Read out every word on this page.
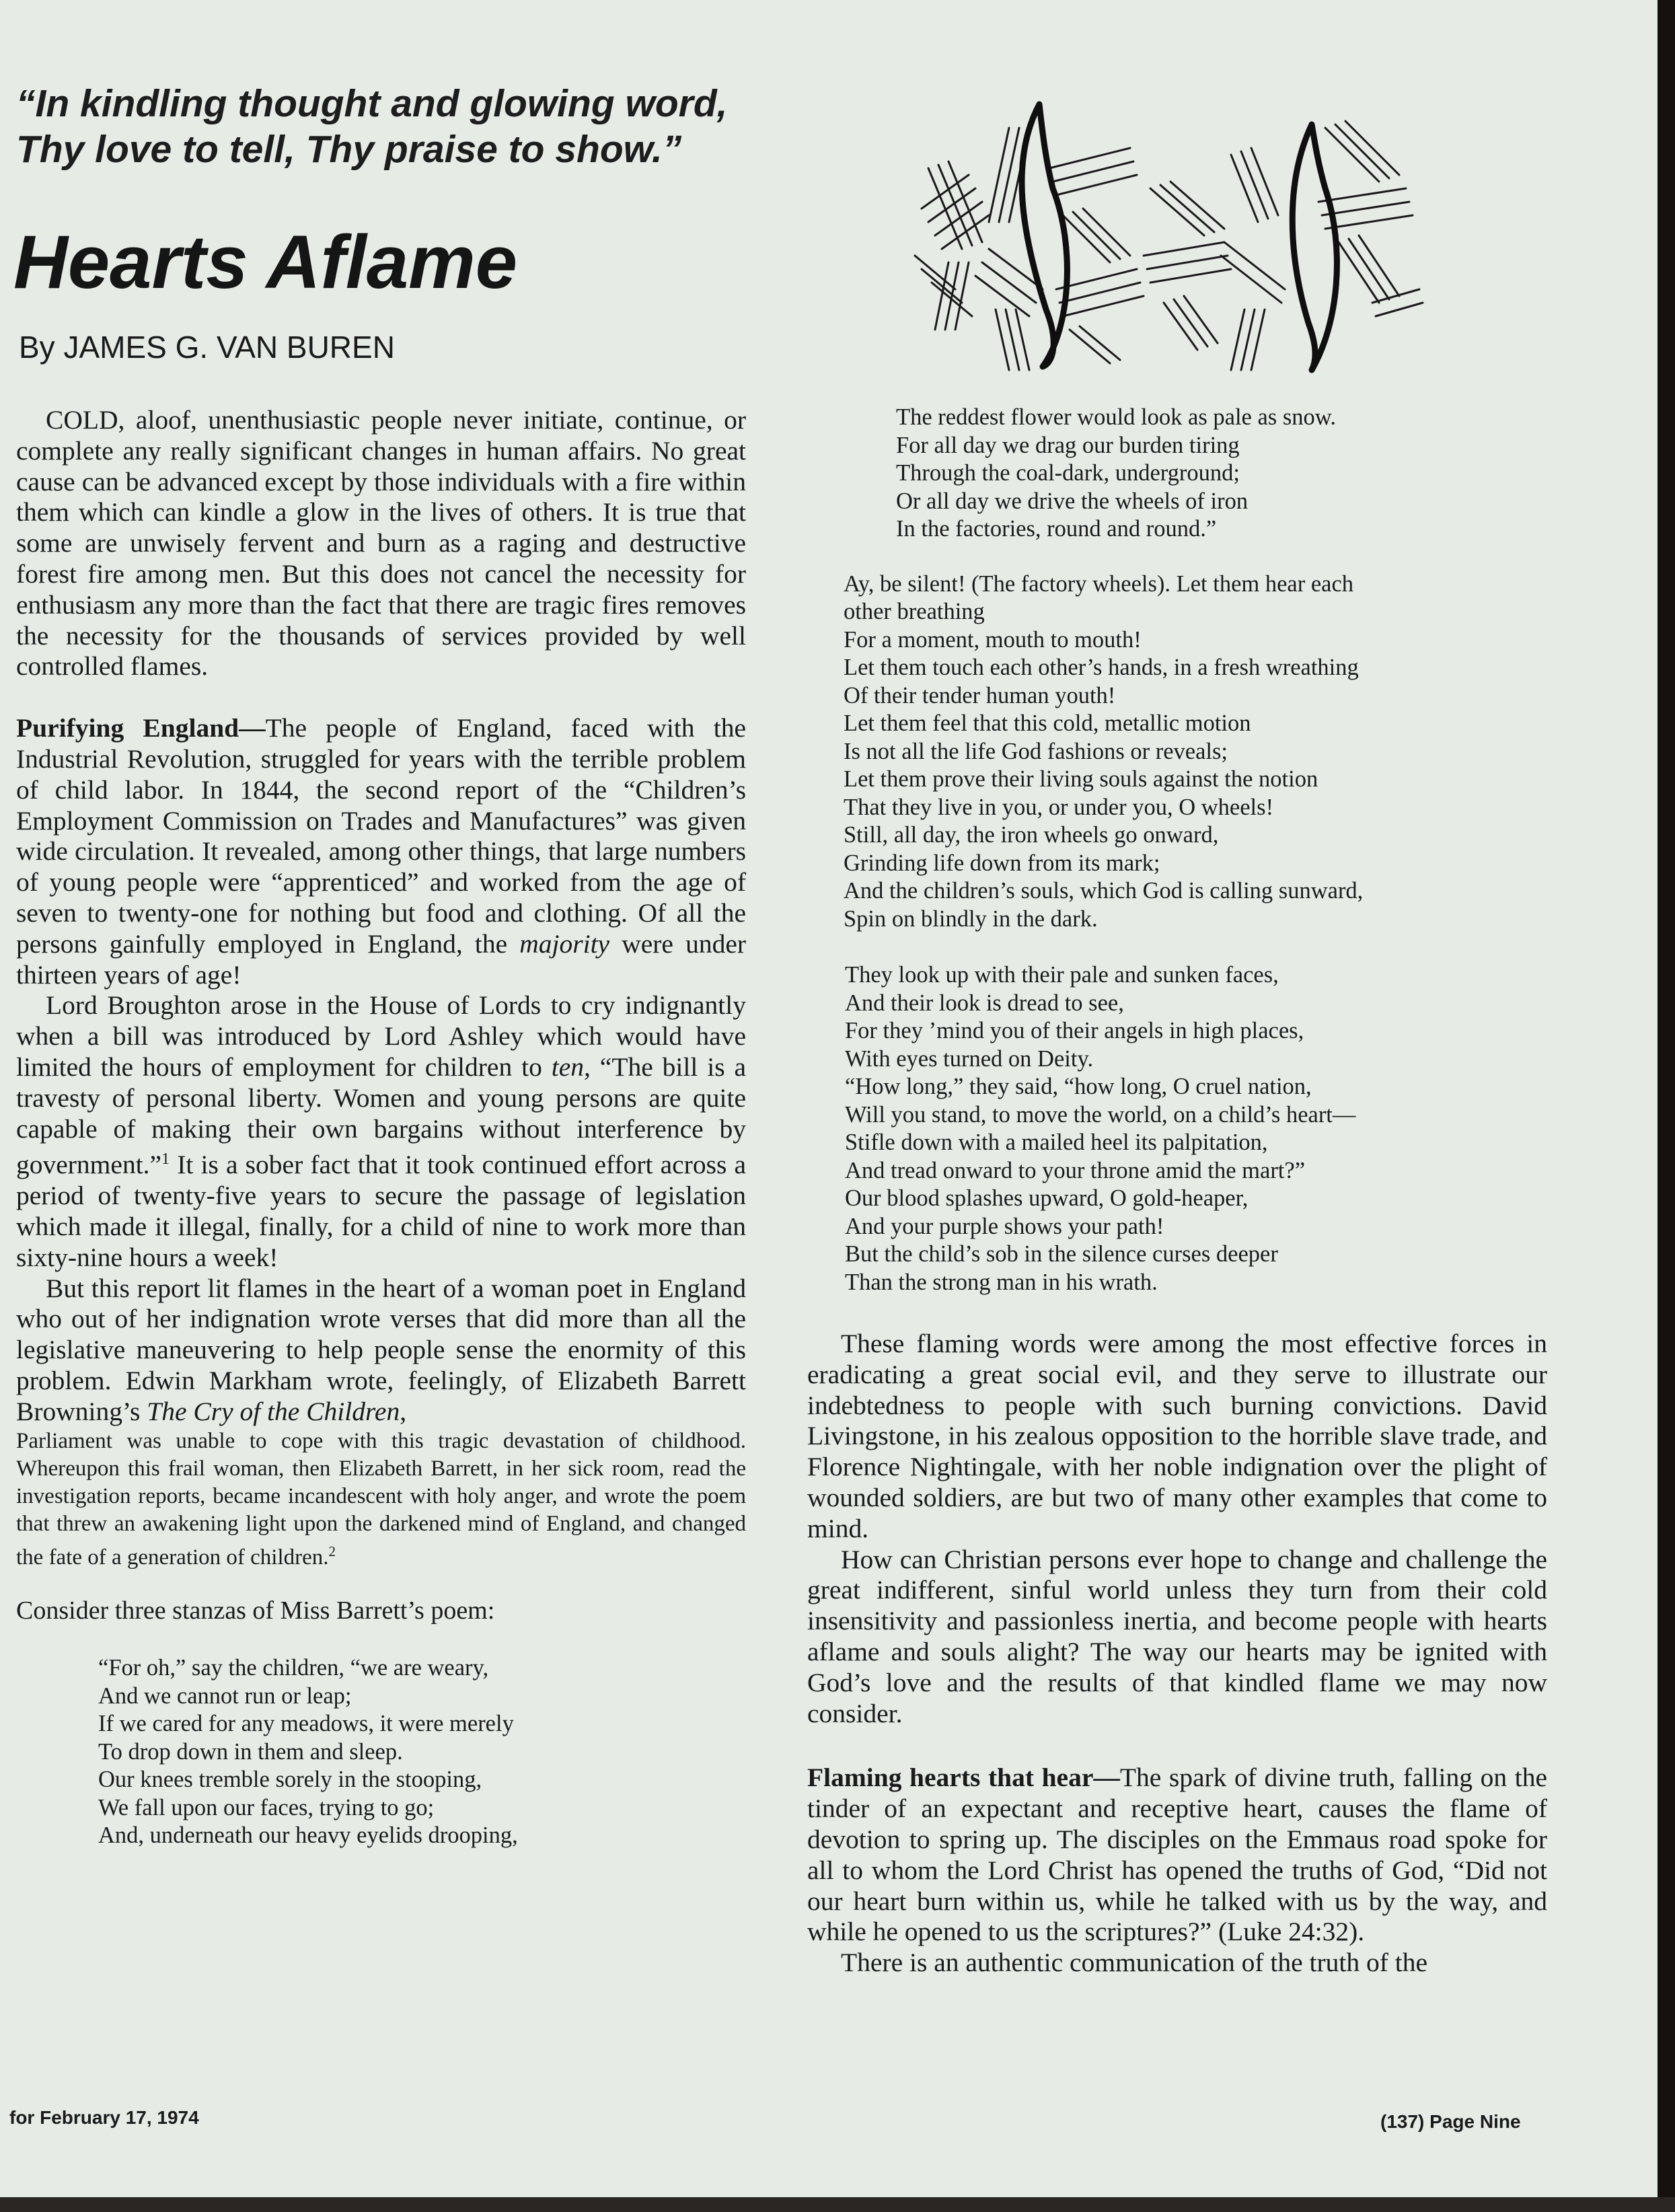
“In kindling thought and glowing word,
Thy love to tell, Thy praise to show.”
Hearts Aflame
By JAMES G. VAN BUREN

COLD, aloof, unenthusiastic people never initiate, continue, or complete any really significant changes in human affairs. No great cause can be advanced except by those individuals with a fire within them which can kindle a glow in the lives of others. It is true that some are unwisely fervent and burn as a raging and destructive forest fire among men. But this does not cancel the necessity for enthusiasm any more than the fact that there are tragic fires removes the necessity for the thousands of services provided by well controlled flames.

Purifying England—The people of England, faced with the Industrial Revolution, struggled for years with the terrible problem of child labor. In 1844, the second report of the “Children’s Employment Commission on Trades and Manufactures” was given wide circulation. It revealed, among other things, that large numbers of young people were “apprenticed” and worked from the age of seven to twenty-one for nothing but food and clothing. Of all the persons gainfully employed in England, the majority were under thirteen years of age!

Lord Broughton arose in the House of Lords to cry indignantly when a bill was introduced by Lord Ashley which would have limited the hours of employment for children to ten, “The bill is a travesty of personal liberty. Women and young persons are quite capable of making their own bargains without interference by government.”$^1$ It is a sober fact that it took continued effort across a period of twenty-five years to secure the passage of legislation which made it illegal, finally, for a child of nine to work more than sixty-nine hours a week!

But this report lit flames in the heart of a woman poet in England who out of her indignation wrote verses that did more than all the legislative maneuvering to help people sense the enormity of this problem. Edwin Markham wrote, feelingly, of Elizabeth Barrett Browning’s The Cry of the Children,

Parliament was unable to cope with this tragic devastation of childhood. Whereupon this frail woman, then Elizabeth Barrett, in her sick room, read the investigation reports, became incandescent with holy anger, and wrote the poem that threw an awakening light upon the darkened mind of England, and changed the fate of a generation of children.$^2$

Consider three stanzas of Miss Barrett’s poem:

“For oh,” say the children, “we are weary,
And we cannot run or leap;
If we cared for any meadows, it were merely
To drop down in them and sleep.
Our knees tremble sorely in the stooping,
We fall upon our faces, trying to go;
And, underneath our heavy eyelids drooping,
The reddest flower would look as pale as snow.
For all day we drag our burden tiring
Through the coal-dark, underground;
Or all day we drive the wheels of iron
In the factories, round and round.”
Ay, be silent! (The factory wheels). Let them hear each
other breathing
For a moment, mouth to mouth!
Let them touch each other’s hands, in a fresh wreathing
Of their tender human youth!
Let them feel that this cold, metallic motion
Is not all the life God fashions or reveals;
Let them prove their living souls against the notion
That they live in you, or under you, O wheels!
Still, all day, the iron wheels go onward,
Grinding life down from its mark;
And the children’s souls, which God is calling sunward,
Spin on blindly in the dark.
They look up with their pale and sunken faces,
And their look is dread to see,
For they ’mind you of their angels in high places,
With eyes turned on Deity.
“How long,” they said, “how long, O cruel nation,
Will you stand, to move the world, on a child’s heart—
Stifle down with a mailed heel its palpitation,
And tread onward to your throne amid the mart?”
Our blood splashes upward, O gold-heaper,
And your purple shows your path!
But the child’s sob in the silence curses deeper
Than the strong man in his wrath.

These flaming words were among the most effective forces in eradicating a great social evil, and they serve to illustrate our indebtedness to people with such burning convictions. David Livingstone, in his zealous opposition to the horrible slave trade, and Florence Nightingale, with her noble indignation over the plight of wounded soldiers, are but two of many other examples that come to mind.

How can Christian persons ever hope to change and challenge the great indifferent, sinful world unless they turn from their cold insensitivity and passionless inertia, and become people with hearts aflame and souls alight? The way our hearts may be ignited with God’s love and the results of that kindled flame we may now consider.

Flaming hearts that hear—The spark of divine truth, falling on the tinder of an expectant and receptive heart, causes the flame of devotion to spring up. The disciples on the Emmaus road spoke for all to whom the Lord Christ has opened the truths of God, “Did not our heart burn within us, while he talked with us by the way, and while he opened to us the scriptures?” (Luke 24:32).

There is an authentic communication of the truth of the

for February 17, 1974	(137) Page Nine
